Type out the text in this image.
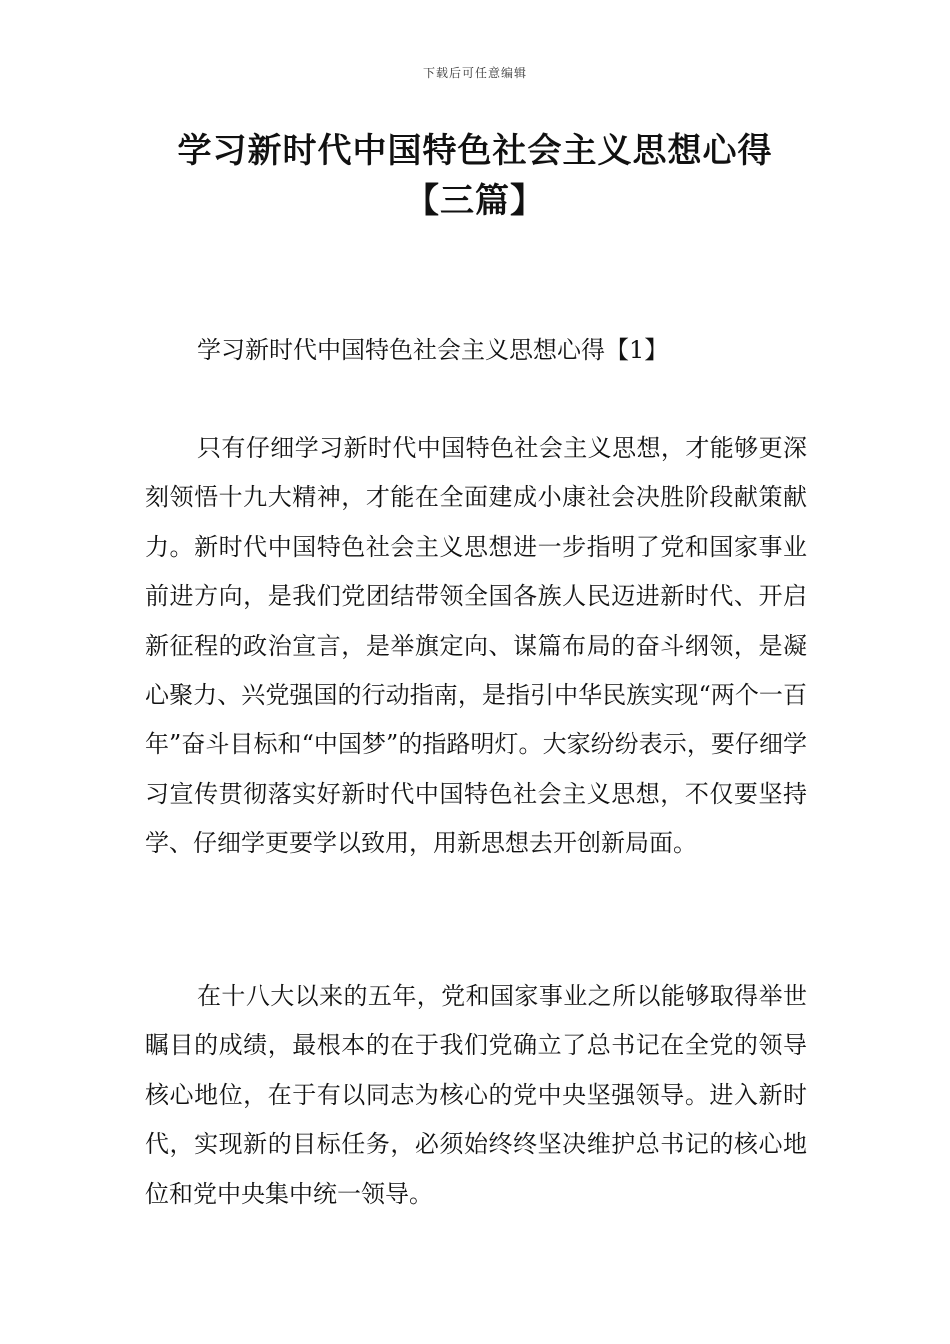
下载后可任意编辑
学习新时代中国特色社会主义思想心得
【三篇】
学习新时代中国特色社会主义思想心得【1】

只有仔细学习新时代中国特色社会主义思想，才能够更深刻领悟十九大精神，才能在全面建成小康社会决胜阶段献策献力。新时代中国特色社会主义思想进一步指明了党和国家事业前进方向，是我们党团结带领全国各族人民迈进新时代、开启新征程的政治宣言，是举旗定向、谋篇布局的奋斗纲领，是凝心聚力、兴党强国的行动指南，是指引中华民族实现“两个一百年”奋斗目标和“中国梦”的指路明灯。大家纷纷表示，要仔细学习宣传贯彻落实好新时代中国特色社会主义思想，不仅要坚持学、仔细学更要学以致用，用新思想去开创新局面。

在十八大以来的五年，党和国家事业之所以能够取得举世瞩目的成绩，最根本的在于我们党确立了总书记在全党的领导核心地位，在于有以同志为核心的党中央坚强领导。进入新时代，实现新的目标任务，必须始终终坚决维护总书记的核心地位和党中央集中统一领导。
